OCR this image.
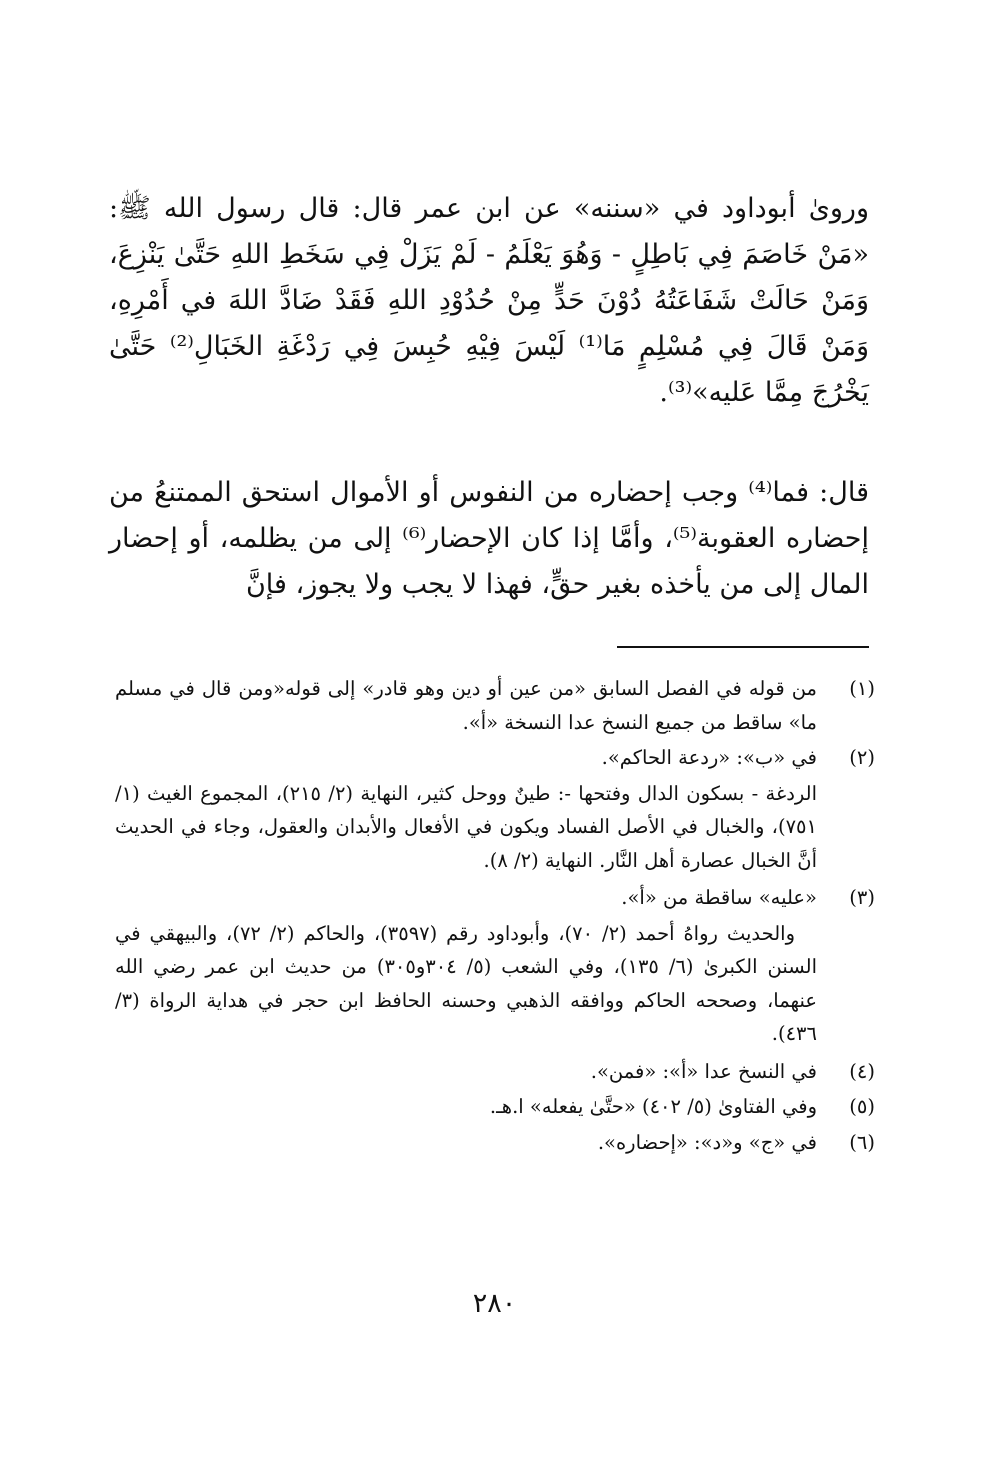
وروىٰ أبوداود في «سننه» عن ابن عمر قال: قال رسول الله ﷺ: «مَنْ خَاصَمَ فِي بَاطِلٍ - وَهُوَ يَعْلَمُ - لَمْ يَزَلْ فِي سَخَطِ اللهِ حَتَّىٰ يَنْزِعَ، وَمَنْ حَالَتْ شَفَاعَتُهُ دُوْنَ حَدٍّ مِنْ حُدُوْدِ اللهِ فَقَدْ ضَادَّ اللهَ في أَمْرِهِ، وَمَنْ قَالَ فِي مُسْلِمٍ مَا⁽¹⁾ لَيْسَ فِيْهِ حُبِسَ فِي رَدْغَةِ الخَبَالِ⁽²⁾ حَتَّىٰ يَخْرُجَ مِمَّا عَليه»⁽³⁾.

قال: فما⁽⁴⁾ وجب إحضاره من النفوس أو الأموال استحق الممتنعُ من إحضاره العقوبة⁽⁵⁾، وأمَّا إذا كان الإحضار⁽⁶⁾ إلى من يظلمه، أو إحضار المال إلى من يأخذه بغير حقٍّ، فهذا لا يجب ولا يجوز، فإنَّ

(١)
من قوله في الفصل السابق «من عين أو دين وهو قادر» إلى قوله«ومن قال في مسلم ما» ساقط من جميع النسخ عدا النسخة «أ».
(٢)
في «ب»: «ردعة الحاكم».

الردغة - بسكون الدال وفتحها -: طينٌ ووحل كثير، النهاية (٢/ ٢١٥)، المجموع الغيث (١/ ٧٥١)، والخبال في الأصل الفساد ويكون في الأفعال والأبدان والعقول، وجاء في الحديث أنَّ الخبال عصارة أهل النَّار. النهاية (٢/ ٨).

(٣)
«عليه» ساقطة من «أ».

والحديث رواهُ أحمد (٢/ ٧٠)، وأبوداود رقم (٣٥٩٧)، والحاكم (٢/ ٧٢)، والبيهقي في السنن الكبرىٰ (٦/ ١٣٥)، وفي الشعب (٥/ ٣٠٤و٣٠٥) من حديث ابن عمر رضي الله عنهما، وصححه الحاكم ووافقه الذهبي وحسنه الحافظ ابن حجر في هداية الرواة (٣/ ٤٣٦).

(٤)
في النسخ عدا «أ»: «فمن».
(٥)
وفي الفتاوىٰ (٥/ ٤٠٢) «حتَّىٰ يفعله» ا.هـ.
(٦)
في «ج» و«د»: «إحضاره».
٢٨٠
